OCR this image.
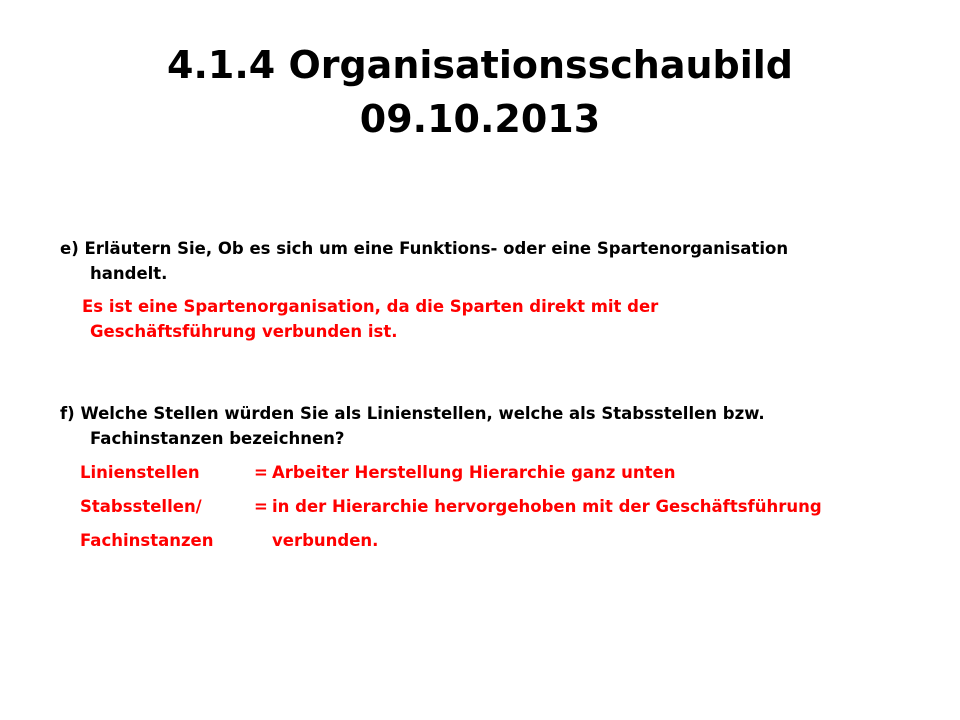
4.1.4 Organisationsschaubild
09.10.2013
e) Erläutern Sie, Ob es sich um eine Funktions- oder eine Spartenorganisation
handelt.
Es ist eine Spartenorganisation, da die Sparten direkt mit der
Geschäftsführung verbunden ist.
f) Welche Stellen würden Sie als Linienstellen, welche als Stabsstellen bzw.
Fachinstanzen bezeichnen?
Linienstellen	= Arbeiter Herstellung Hierarchie ganz unten
Stabsstellen/	= in der Hierarchie hervorgehoben mit der Geschäftsführung
Fachinstanzen	verbunden.
